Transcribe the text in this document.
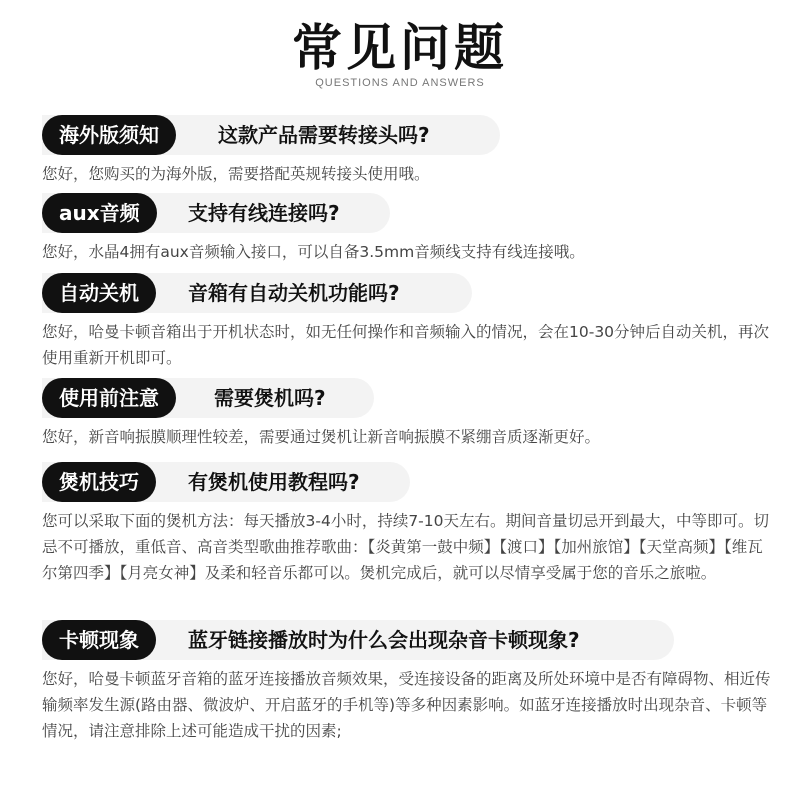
常见问题
QUESTIONS AND ANSWERS
海外版须知	这款产品需要转接头吗?
您好，您购买的为海外版，需要搭配英规转接头使用哦。
aux音频	支持有线连接吗?
您好，水晶4拥有aux音频输入接口，可以自备3.5mm音频线支持有线连接哦。
自动关机	音箱有自动关机功能吗?
您好，哈曼卡顿音箱出于开机状态时，如无任何操作和音频输入的情况，会在10-30分钟后自动关机，再次使用重新开机即可。
使用前注意	需要煲机吗?
您好，新音响振膜顺理性较差，需要通过煲机让新音响振膜不紧绷音质逐渐更好。
煲机技巧	有煲机使用教程吗?
您可以采取下面的煲机方法：每天播放3-4小时，持续7-10天左右。期间音量切忌开到最大，中等即可。切忌不可播放，重低音、高音类型歌曲推荐歌曲：【炎黄第一鼓中频】【渡口】【加州旅馆】【天堂高频】【维瓦尔第四季】【月亮女神】及柔和轻音乐都可以。煲机完成后，就可以尽情享受属于您的音乐之旅啦。
卡顿现象	蓝牙链接播放时为什么会出现杂音卡顿现象?
您好，哈曼卡顿蓝牙音箱的蓝牙连接播放音频效果，受连接设备的距离及所处环境中是否有障碍物、相近传输频率发生源(路由器、微波炉、开启蓝牙的手机等)等多种因素影响。如蓝牙连接播放时出现杂音、卡顿等情况，请注意排除上述可能造成干扰的因素;
